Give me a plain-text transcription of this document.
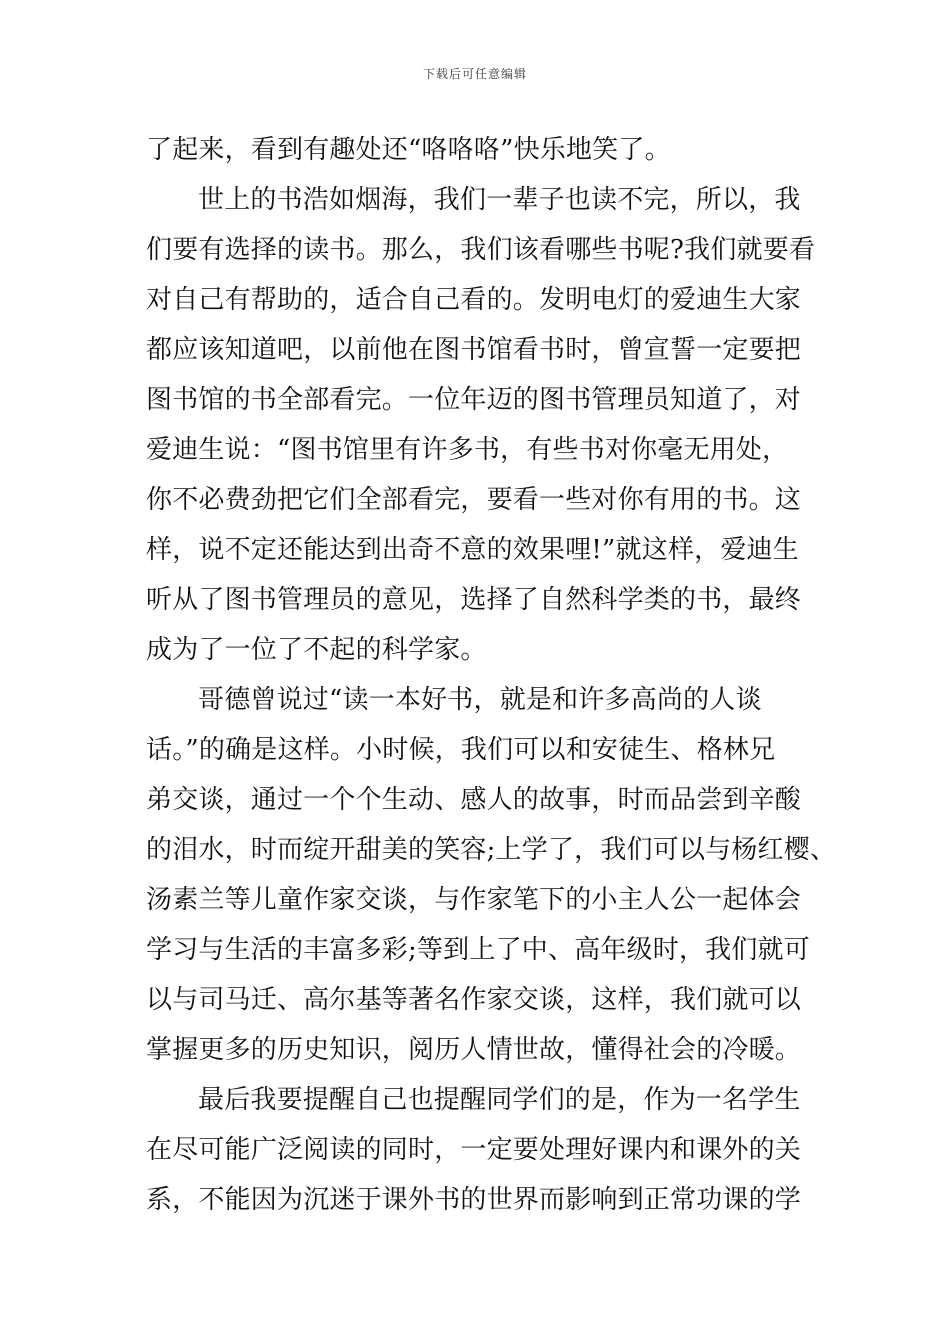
下载后可任意编辑
了起来，看到有趣处还“咯咯咯”快乐地笑了。
世上的书浩如烟海，我们一辈子也读不完，所以，我
们要有选择的读书。那么，我们该看哪些书呢?我们就要看
对自己有帮助的，适合自己看的。发明电灯的爱迪生大家
都应该知道吧，以前他在图书馆看书时，曾宣誓一定要把
图书馆的书全部看完。一位年迈的图书管理员知道了，对
爱迪生说：“图书馆里有许多书，有些书对你毫无用处，
你不必费劲把它们全部看完，要看一些对你有用的书。这
样，说不定还能达到出奇不意的效果哩!”就这样，爱迪生
听从了图书管理员的意见，选择了自然科学类的书，最终
成为了一位了不起的科学家。
哥德曾说过“读一本好书，就是和许多高尚的人谈
话。”的确是这样。小时候，我们可以和安徒生、格林兄
弟交谈，通过一个个生动、感人的故事，时而品尝到辛酸
的泪水，时而绽开甜美的笑容;上学了，我们可以与杨红樱、
汤素兰等儿童作家交谈，与作家笔下的小主人公一起体会
学习与生活的丰富多彩;等到上了中、高年级时，我们就可
以与司马迁、高尔基等著名作家交谈，这样，我们就可以
掌握更多的历史知识，阅历人情世故，懂得社会的冷暖。
最后我要提醒自己也提醒同学们的是，作为一名学生
在尽可能广泛阅读的同时，一定要处理好课内和课外的关
系，不能因为沉迷于课外书的世界而影响到正常功课的学
